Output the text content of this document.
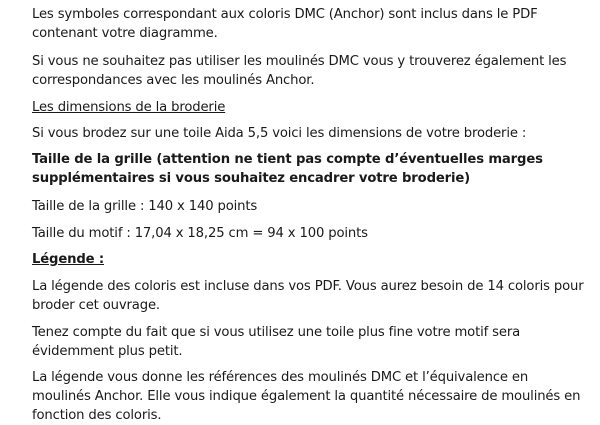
Les symboles correspondant aux coloris DMC (Anchor) sont inclus dans le PDF
contenant votre diagramme.
Si vous ne souhaitez pas utiliser les moulinés DMC vous y trouverez également les
correspondances avec les moulinés Anchor.
Les dimensions de la broderie
Si vous brodez sur une toile Aida 5,5 voici les dimensions de votre broderie :
Taille de la grille (attention ne tient pas compte d’éventuelles marges
supplémentaires si vous souhaitez encadrer votre broderie)
Taille de la grille : 140 x 140 points
Taille du motif : 17,04 x 18,25 cm = 94 x 100 points
Légende :
La légende des coloris est incluse dans vos PDF. Vous aurez besoin de 14 coloris pour
broder cet ouvrage.
Tenez compte du fait que si vous utilisez une toile plus fine votre motif sera
évidemment plus petit.
La légende vous donne les références des moulinés DMC et l’équivalence en
moulinés Anchor. Elle vous indique également la quantité nécessaire de moulinés en
fonction des coloris.
